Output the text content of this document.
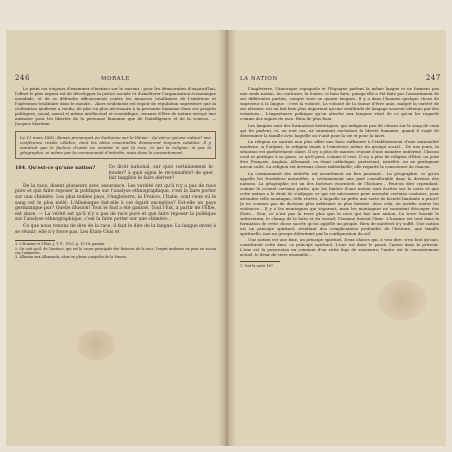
246	MORALE

Le point est toujours d'examiner d'instinct sur le suivant : pour les démocraties d'aujourd'hui, l'effort le plus urgent est de développer la justice sociale et d'améliorer l'organisation économique mondiale, et de se défendre efficacement contre les menaces totalitaires de l'extérieur et l'opération totalitaire dans le monde... Alors seulement est espoir de régulation supérieure que la civilisation moderne a rendu, de plus en plus nécessaire à la personne humaine dans ses progrès politiques, social, moral et même intellectuel et scientifique, censure d'être de nature envoyé une mémoire pour les libertés de la personne humaine que de l'intelligence et de la science. — Jacques Maritain.

Le 11 mars 1882, Renan prononçait en Sorbonne sur le thème : Qu'est-ce qu'une nation? une conférence restée célèbre, dont les idées essentielles demeurent toujours valables. Il y montrait que le facteur d'unité ne résidait ni par la race, ni par la religion, ni par la géographie, ni même par la communauté d'intérêts, mais dans le consentement.
184. Qu'est-ce qu'une nation?	Ce droit national, sur quoi certainement le fonder? à quoi signe le reconnaître? de quel fait tangible le faire dériver?

De la race, disent plusieurs avec assurance. Les variété ont qu'il n'y a pas de race pure et que faire reposer la politique sur l'analyse ethnographique, c'est la faire porter sur une chimère. Les plus nobles pays, l'Angleterre, la France, l'Italie, sont ceux où le sang est le plus mêlé. L'Allemagne fait-elle à cet égard exception? Est-elle un pays germanique pur? Quelle illusion! Tout le Sud a été gaulois. Tout l'Est, à partir de l'Elbe, est slave. — La vérité est qu'il n'y a pas de race pure et que faire reposer la politique sur l'analyse ethnographique, c'est la faire porter sur une chimère...

Ce que nous venons de dire de la race, il faut le dire de la langue. La langue invite à se réunir; elle n'y force pas. Les États-Unis et

1. L'Homme et l'État, J. T. F., 1953, p. 15-18, passim.

2. On voit qu'il, de l'instinct, qui est la cause principale des théories de la race, l'esprit moderne ne peut en aucun cas l'admettre.

3. Allusion aux Allemands, alors en pleine conquête de la Prusse.

LA NATION	247

l'Angleterre, l'Amérique espagnole et l'Espagne parlent la même langue et ne forment pas une seule nation. Au contraire, la Suisse, si bien faite, puisqu'elle a été faite par l'assentiment de ses différentes parties, compte trois ou quatre langues. Il y a dans l'homme quelque chose de supérieur à la langue : c'est la volonté. La volonté de la Suisse d'être unie, malgré la variété de ses idiomes, est un fait bien plus important qu'une similitude de langage souvent obtenue par des vexations... L'importance politique qu'on attache aux langues vient de ce qu'on les regarde comme des signes de race. Rien de plus faux.

Les langues sont des formations historiques, qui indiquent peu de choses sur le sang de ceux qui les parlent, et, en tout cas, ne sauraient enchaîner la liberté humaine, quand il s'agit de déterminer la famille avec laquelle on s'unit pour la vie et pour la mort.

La religion ne saurait non plus offrir une base suffisante à l'établissement d'une nationalité moderne. A l'origine, la religion tenait à l'existence même du groupe social... De nos jours, la situation est parfaitement claire. Il n'y a plus de masses croyant d'une manière uniforme. Chacun croit et pratique à sa guise, ce qu'il peut, comme il veut. Il n'y a plus de religion d'État; on peut être Français, Anglais, Allemand, en étant catholique, protestant, israélite, en ne pratiquant aucun culte. La religion est devenue chose individuelle; elle regarde la conscience de chacun.

La communauté des intérêts est assurément un lien puissant... La géographie, ce qu'on appelle les frontières naturelles, a certainement une part considérable dans la division des nations. La géographie est un des facteurs essentiels de l'histoire... Peut-on dire cependant, comme le croient certains partis, que les limites d'une nation sont écrites sur la carte et que cette nation a le droit de s'adjuger ce qui est nécessaire pour arrondir certains contours, pour atteindre telle montagne, telle rivière, à laquelle on prête une sorte de faculté limitante a priori? Je ne connais pas de doctrine plus arbitraire ni plus funeste. Avec cela, on justifie toutes les violences... Il y a les montagnes qui séparent; mais les montagnes ne sauraient découper des États... Non, ce n'est pas la terre plus que la race qui fait une nation. La terre fournit le substratum, le champ de la lutte et du travail; l'homme fournit l'âme. L'homme est tout dans la formation de cette chose sacrée qu'on appelle un peuple. Rien de matériel n'y suffit. Une nation est un principe spirituel, résultant des complications profondes de l'histoire, une famille spirituelle, non un groupe déterminé par la configuration du sol.

Une nation est une âme, un principe spirituel. Deux choses qui, à vrai dire, n'en font qu'une, constituent cette âme, ce principe spirituel. L'une est dans le passé, l'autre dans le présent. L'une est la possession en commun d'un riche legs de souvenirs; l'autre est le consentement actuel, le désir de vivre ensemble...

1. Voir la carte 167.
